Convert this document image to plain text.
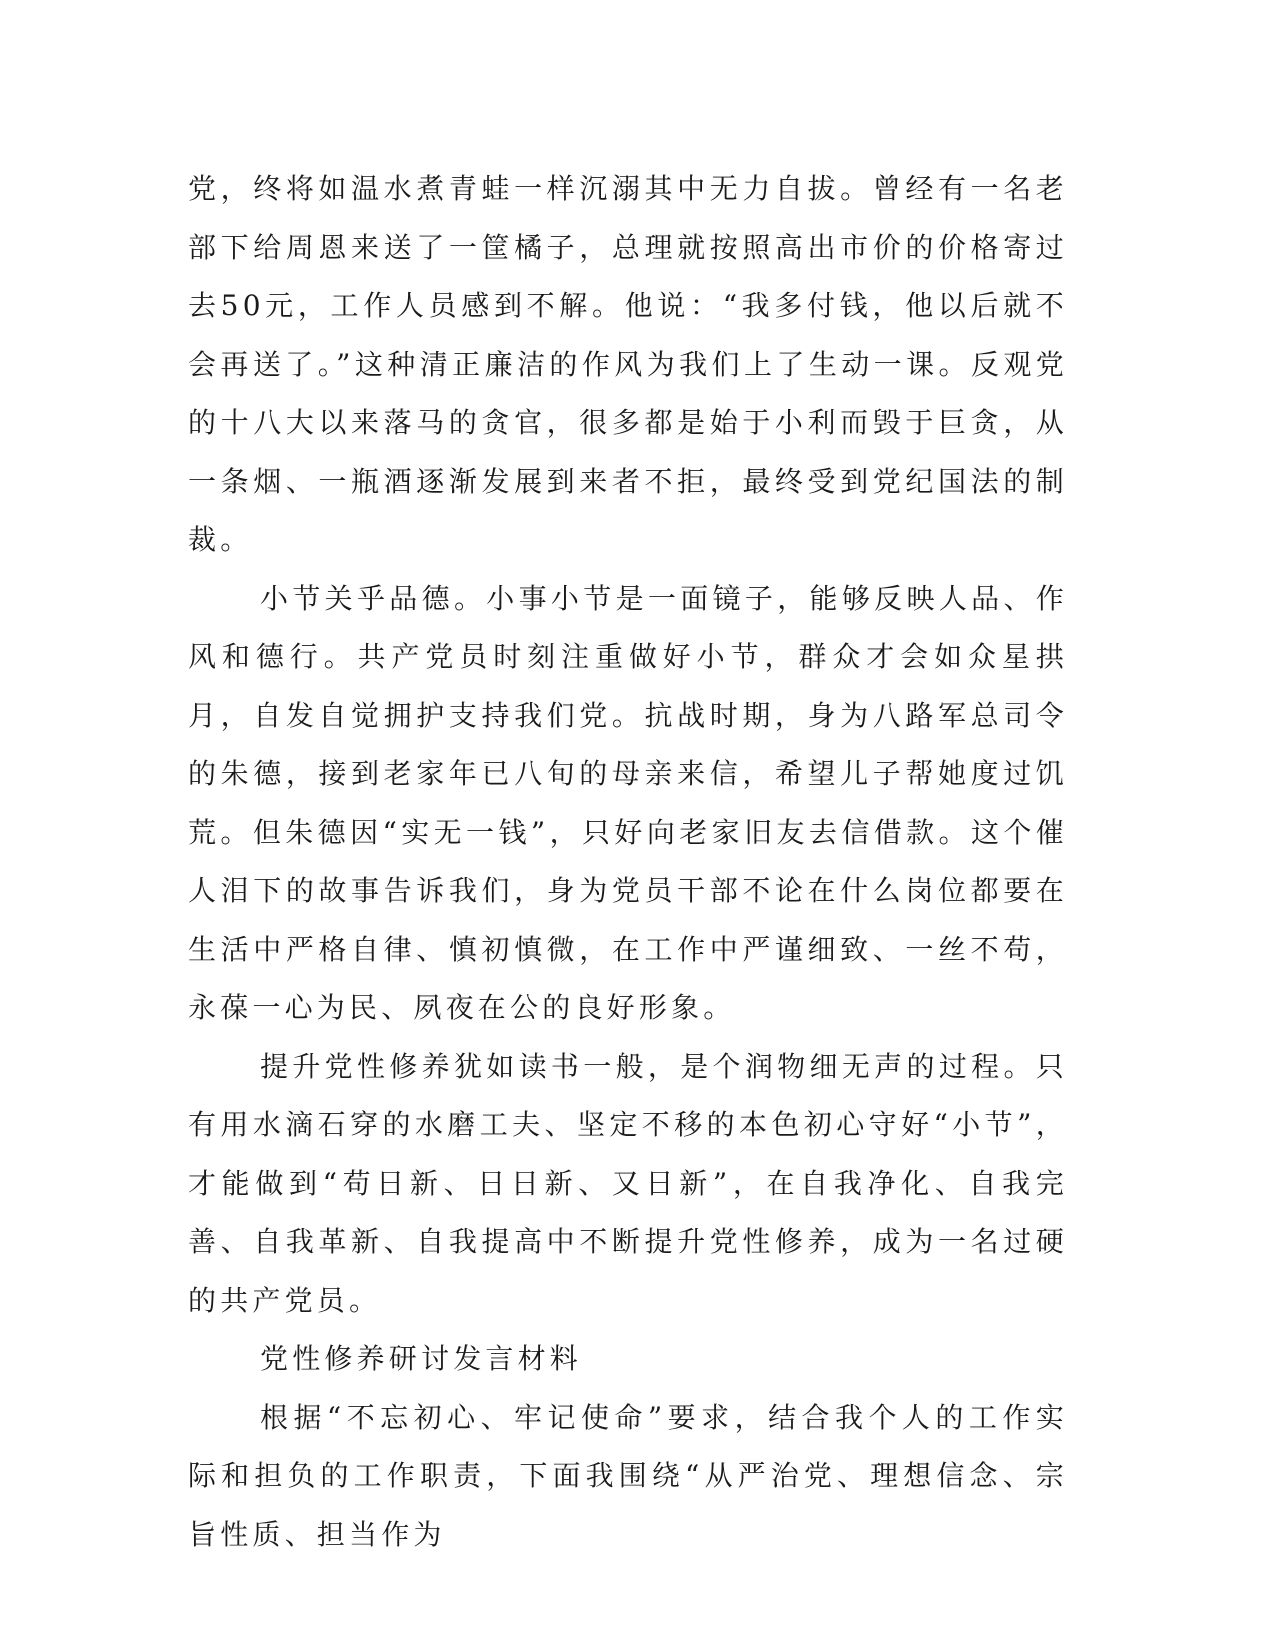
党，终将如温水煮青蛙一样沉溺其中无力自拔。曾经有一名老部下给周恩来送了一筐橘子，总理就按照高出市价的价格寄过去50元，工作人员感到不解。他说：“我多付钱，他以后就不会再送了。”这种清正廉洁的作风为我们上了生动一课。反观党的十八大以来落马的贪官，很多都是始于小利而毁于巨贪，从一条烟、一瓶酒逐渐发展到来者不拒，最终受到党纪国法的制裁。

小节关乎品德。小事小节是一面镜子，能够反映人品、作风和德行。共产党员时刻注重做好小节，群众才会如众星拱月，自发自觉拥护支持我们党。抗战时期，身为八路军总司令的朱德，接到老家年已八旬的母亲来信，希望儿子帮她度过饥荒。但朱德因“实无一钱”，只好向老家旧友去信借款。这个催人泪下的故事告诉我们，身为党员干部不论在什么岗位都要在生活中严格自律、慎初慎微，在工作中严谨细致、一丝不苟，永葆一心为民、夙夜在公的良好形象。

提升党性修养犹如读书一般，是个润物细无声的过程。只有用水滴石穿的水磨工夫、坚定不移的本色初心守好“小节”，才能做到“苟日新、日日新、又日新”，在自我净化、自我完善、自我革新、自我提高中不断提升党性修养，成为一名过硬的共产党员。

党性修养研讨发言材料

根据“不忘初心、牢记使命”要求，结合我个人的工作实际和担负的工作职责，下面我围绕“从严治党、理想信念、宗旨性质、担当作为
